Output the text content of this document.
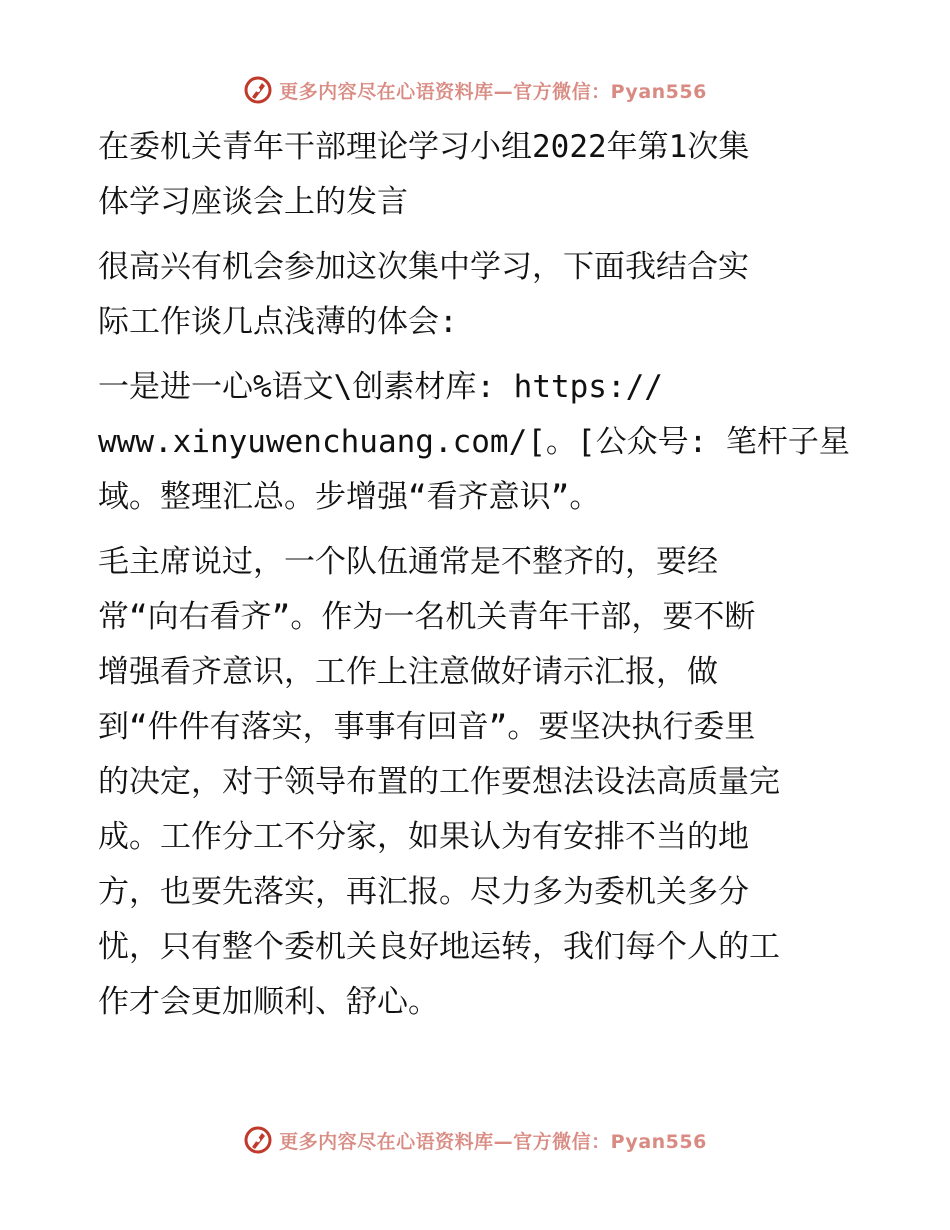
更多内容尽在心语资料库—官方微信：Pyan556
在委机关青年干部理论学习小组2022年第1次集
体学习座谈会上的发言
很高兴有机会参加这次集中学习，下面我结合实
际工作谈几点浅薄的体会:
一是进一心%语文\创素材库: https://
www.xinyuwenchuang.com/[。[公众号: 笔杆子星
域。整理汇总。步增强“看齐意识”。
毛主席说过，一个队伍通常是不整齐的，要经
常“向右看齐”。作为一名机关青年干部，要不断
增强看齐意识，工作上注意做好请示汇报，做
到“件件有落实，事事有回音”。要坚决执行委里
的决定，对于领导布置的工作要想法设法高质量完
成。工作分工不分家，如果认为有安排不当的地
方，也要先落实，再汇报。尽力多为委机关多分
忧，只有整个委机关良好地运转，我们每个人的工
作才会更加顺利、舒心。
更多内容尽在心语资料库—官方微信：Pyan556
